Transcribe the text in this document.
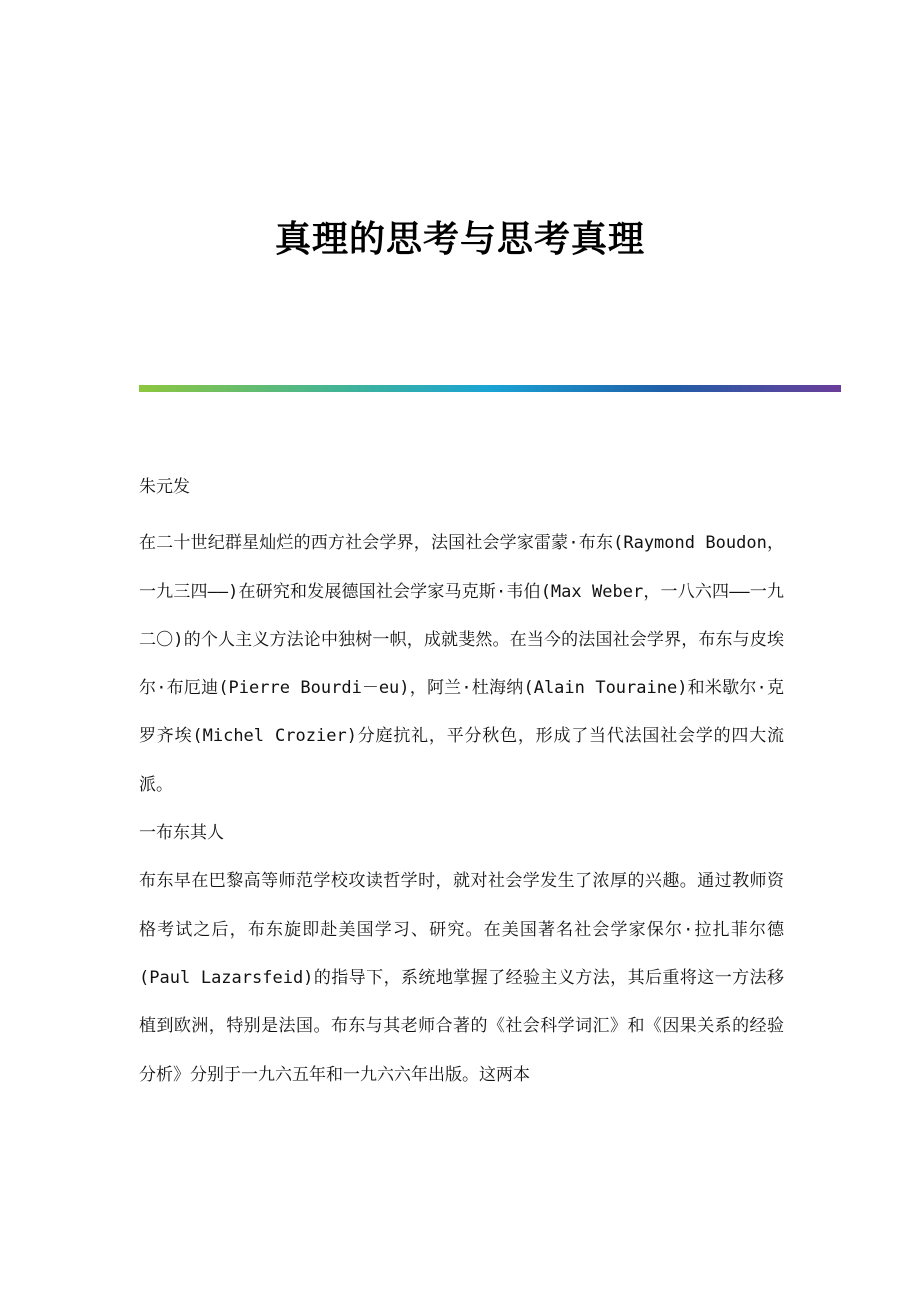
真理的思考与思考真理

朱元发

在二十世纪群星灿烂的西方社会学界，法国社会学家雷蒙·布东(Raymond Boudon，一九三四——)在研究和发展德国社会学家马克斯·韦伯(Max Weber，一八六四——一九二〇)的个人主义方法论中独树一帜，成就斐然。在当今的法国社会学界，布东与皮埃尔·布厄迪(Pierre Bourdi－eu)，阿兰·杜海纳(Alain Touraine)和米歇尔·克罗齐埃(Michel Crozier)分庭抗礼，平分秋色，形成了当代法国社会学的四大流派。

一布东其人

布东早在巴黎高等师范学校攻读哲学时，就对社会学发生了浓厚的兴趣。通过教师资格考试之后，布东旋即赴美国学习、研究。在美国著名社会学家保尔·拉扎菲尔德(Paul Lazarsfeid)的指导下，系统地掌握了经验主义方法，其后重将这一方法移植到欧洲，特别是法国。布东与其老师合著的《社会科学词汇》和《因果关系的经验分析》分别于一九六五年和一九六六年出版。这两本
